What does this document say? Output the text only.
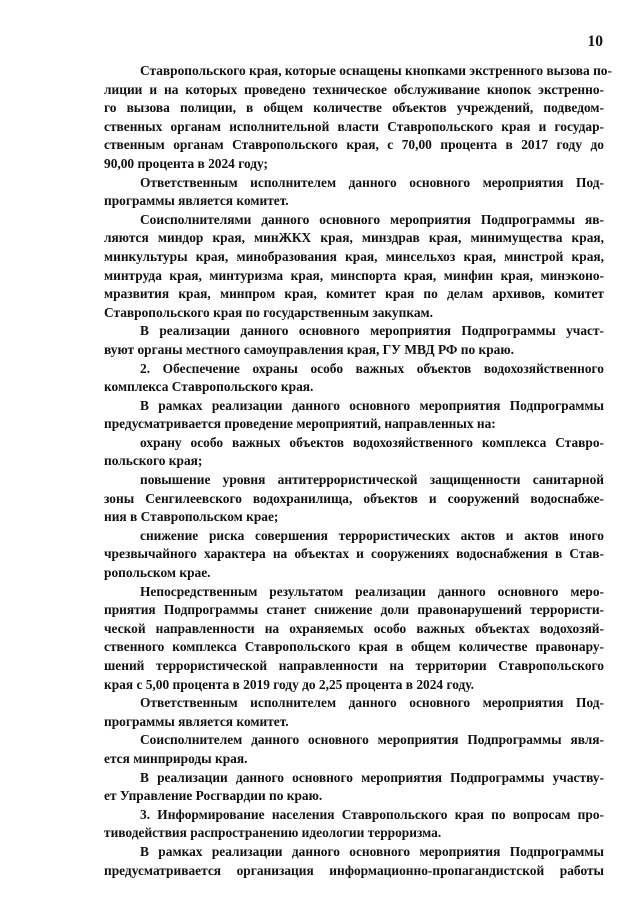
10
Ставропольского края, которые оснащены кнопками экстренного вызова по-
лиции и на которых проведено техническое обслуживание кнопок экстренно-
го вызова полиции, в общем количестве объектов учреждений, подведом-
ственных органам исполнительной власти Ставропольского края и государ-
ственным органам Ставропольского края, с 70,00 процента в 2017 году до
90,00 процента в 2024 году;
Ответственным исполнителем данного основного мероприятия Под-
программы является комитет.
Соисполнителями данного основного мероприятия Подпрограммы яв-
ляются миндор края, минЖКХ края, минздрав края, минимущества края,
минкультуры края, минобразования края, минсельхоз края, минстрой края,
минтруда края, минтуризма края, минспорта края, минфин края, минэконо-
мразвития края, минпром края, комитет края по делам архивов, комитет
Ставропольского края по государственным закупкам.
В реализации данного основного мероприятия Подпрограммы участ-
вуют органы местного самоуправления края, ГУ МВД РФ по краю.
2. Обеспечение охраны особо важных объектов водохозяйственного
комплекса Ставропольского края.
В рамках реализации данного основного мероприятия Подпрограммы
предусматривается проведение мероприятий, направленных на:
охрану особо важных объектов водохозяйственного комплекса Ставро-
польского края;
повышение уровня антитеррористической защищенности санитарной
зоны Сенгилеевского водохранилища, объектов и сооружений водоснабже-
ния в Ставропольском крае;
снижение риска совершения террористических актов и актов иного
чрезвычайного характера на объектах и сооружениях водоснабжения в Став-
ропольском крае.
Непосредственным результатом реализации данного основного меро-
приятия Подпрограммы станет снижение доли правонарушений террористи-
ческой направленности на охраняемых особо важных объектах водохозяй-
ственного комплекса Ставропольского края в общем количестве правонару-
шений террористической направленности на территории Ставропольского
края с 5,00 процента в 2019 году до 2,25 процента в 2024 году.
Ответственным исполнителем данного основного мероприятия Под-
программы является комитет.
Соисполнителем данного основного мероприятия Подпрограммы явля-
ется минприроды края.
В реализации данного основного мероприятия Подпрограммы участву-
ет Управление Росгвардии по краю.
3. Информирование населения Ставропольского края по вопросам про-
тиводействия распространению идеологии терроризма.
В рамках реализации данного основного мероприятия Подпрограммы
предусматривается организация информационно-пропагандистской работы
